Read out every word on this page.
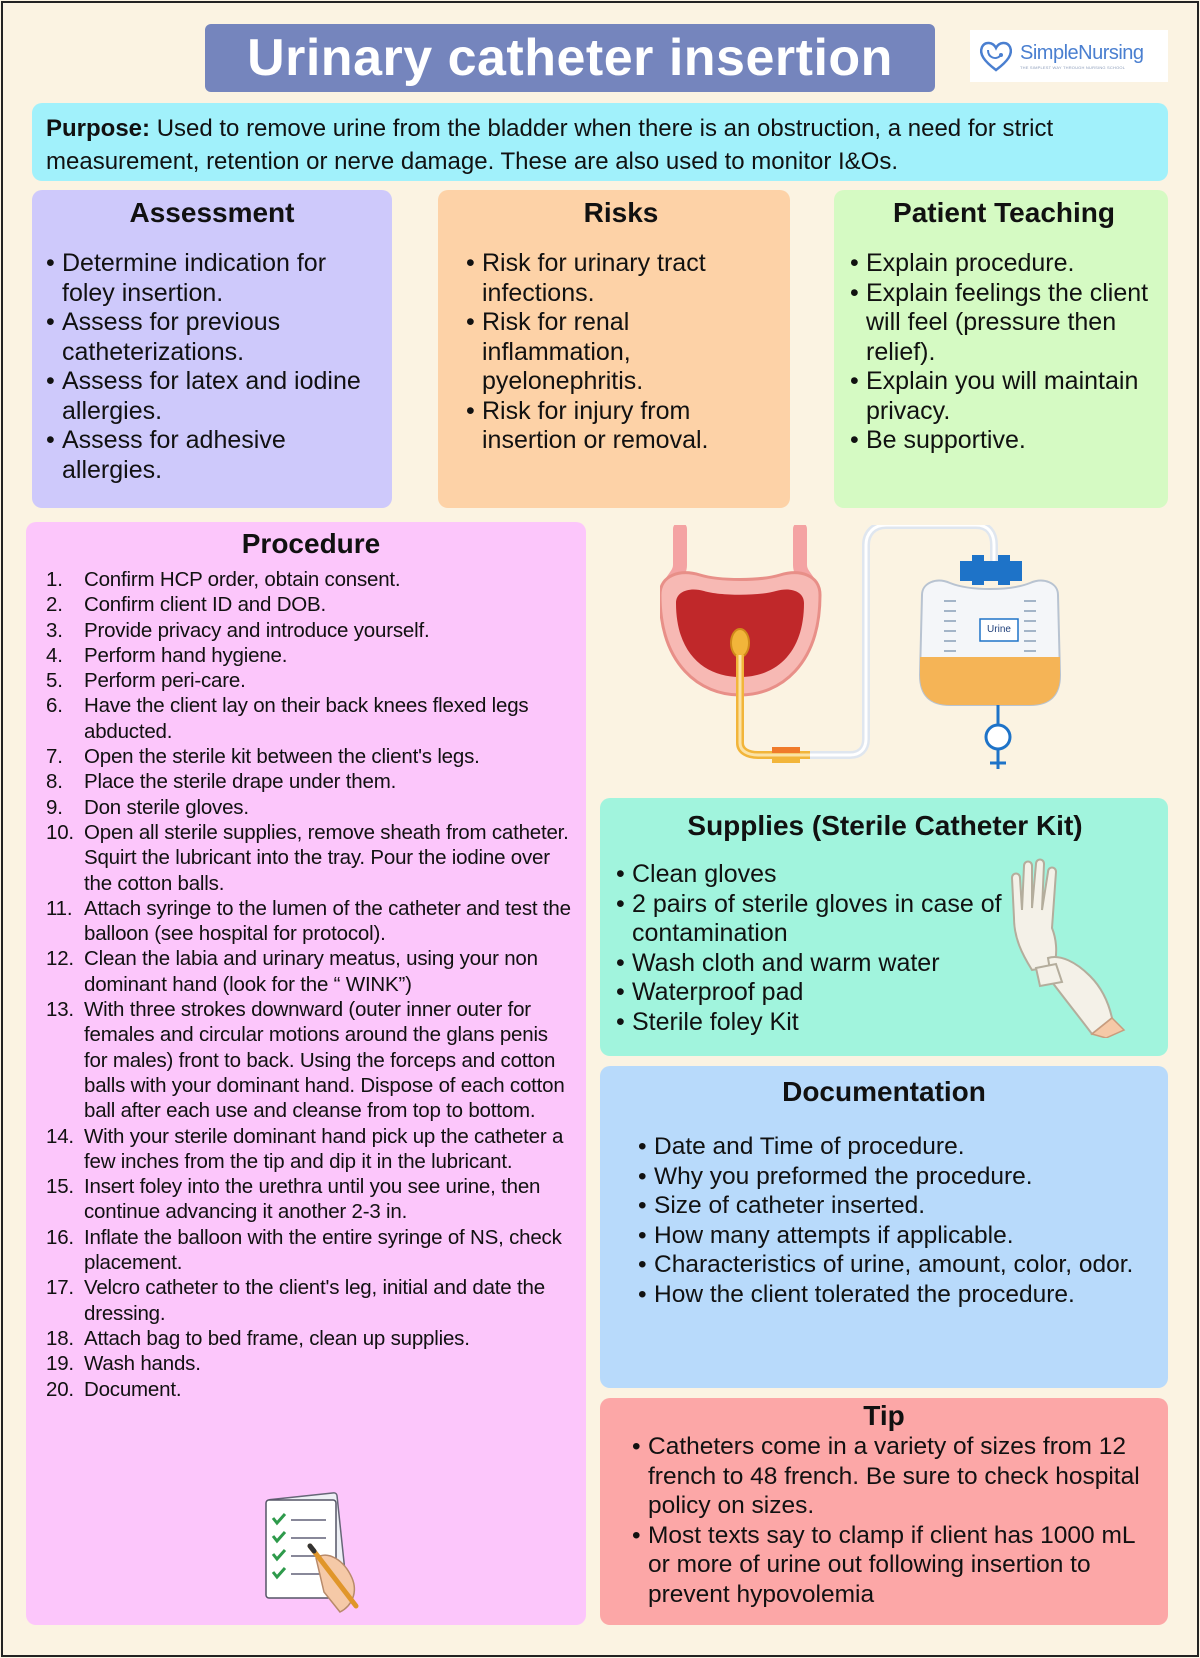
Urinary catheter insertion	SimpleNursing
THE SIMPLEST WAY THROUGH NURSING SCHOOL
Purpose: Used to remove urine from the bladder when there is an obstruction, a need for strict measurement, retention or nerve damage. These are also used to monitor I&Os.
Assessment
• Determine indication for foley insertion.
• Assess for previous catheterizations.
• Assess for latex and iodine allergies.
• Assess for adhesive allergies.
Risks
• Risk for urinary tract infections.
• Risk for renal inflammation, pyelonephritis.
• Risk for injury from insertion or removal.
Patient Teaching
• Explain procedure.
• Explain feelings the client will feel (pressure then relief).
• Explain you will maintain privacy.
• Be supportive.
Procedure
1. Confirm HCP order, obtain consent.
2. Confirm client ID and DOB.
3. Provide privacy and introduce yourself.
4. Perform hand hygiene.
5. Perform peri-care.
6. Have the client lay on their back knees flexed legs abducted.
7. Open the sterile kit between the client's legs.
8. Place the sterile drape under them.
9. Don sterile gloves.
10. Open all sterile supplies, remove sheath from catheter. Squirt the lubricant into the tray. Pour the iodine over the cotton balls.
11. Attach syringe to the lumen of the catheter and test the balloon (see hospital for protocol).
12. Clean the labia and urinary meatus, using your non dominant hand (look for the “ WINK”)
13. With three strokes downward (outer inner outer for females and circular motions around the glans penis for males) front to back. Using the forceps and cotton balls with your dominant hand. Dispose of each cotton ball after each use and cleanse from top to bottom.
14. With your sterile dominant hand pick up the catheter a few inches from the tip and dip it in the lubricant.
15. Insert foley into the urethra until you see urine, then continue advancing it another 2-3 in.
16. Inflate the balloon with the entire syringe of NS, check placement.
17. Velcro catheter to the client's leg, initial and date the dressing.
18. Attach bag to bed frame, clean up supplies.
19. Wash hands.
20. Document.
Urine
Supplies (Sterile Catheter Kit)
• Clean gloves
• 2 pairs of sterile gloves in case of contamination
• Wash cloth and warm water
• Waterproof pad
• Sterile foley Kit
Documentation
• Date and Time of procedure.
• Why you preformed the procedure.
• Size of catheter inserted.
• How many attempts if applicable.
• Characteristics of urine, amount, color, odor.
• How the client tolerated the procedure.
Tip
• Catheters come in a variety of sizes from 12 french to 48 french. Be sure to check hospital policy on sizes.
• Most texts say to clamp if client has 1000 mL or more of urine out following insertion to prevent hypovolemia
